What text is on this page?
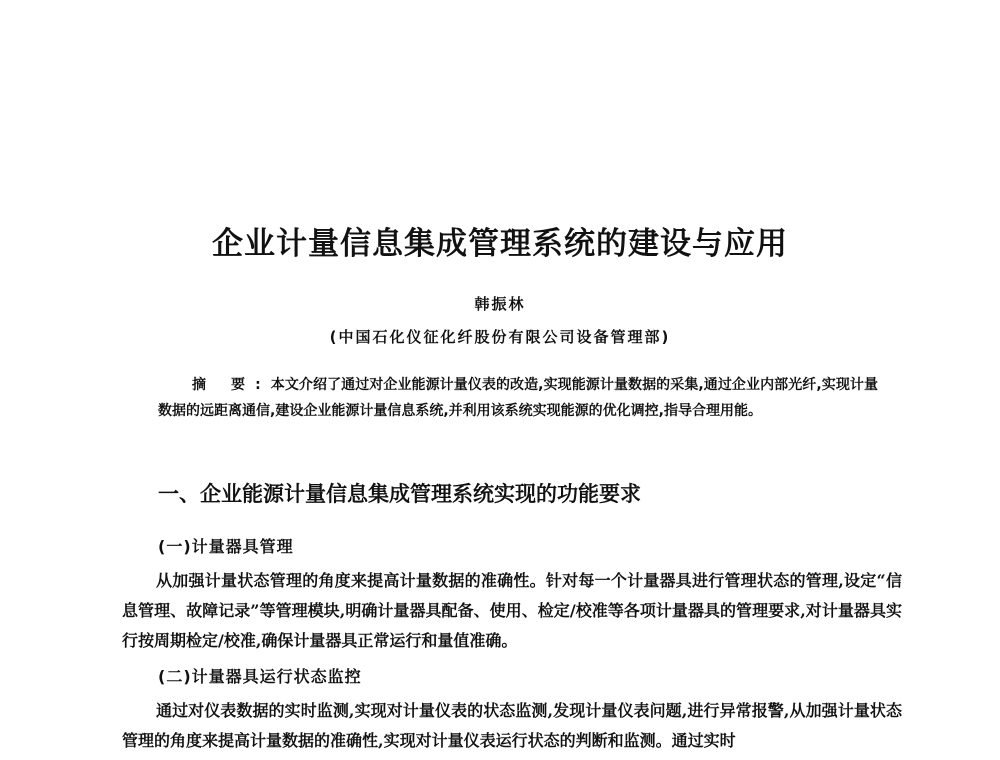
企业计量信息集成管理系统的建设与应用
韩振林
(中国石化仪征化纤股份有限公司设备管理部)
摘 要:本文介绍了通过对企业能源计量仪表的改造,实现能源计量数据的采集,通过企业内部光纤,实现计量数据的远距离通信,建设企业能源计量信息系统,并利用该系统实现能源的优化调控,指导合理用能。
一、企业能源计量信息集成管理系统实现的功能要求
(一)计量器具管理
从加强计量状态管理的角度来提高计量数据的准确性。针对每一个计量器具进行管理状态的管理,设定“信息管理、故障记录”等管理模块,明确计量器具配备、使用、检定/校准等各项计量器具的管理要求,对计量器具实行按周期检定/校准,确保计量器具正常运行和量值准确。
(二)计量器具运行状态监控
通过对仪表数据的实时监测,实现对计量仪表的状态监测,发现计量仪表问题,进行异常报警,从加强计量状态管理的角度来提高计量数据的准确性,实现对计量仪表运行状态的判断和监测。通过实时
